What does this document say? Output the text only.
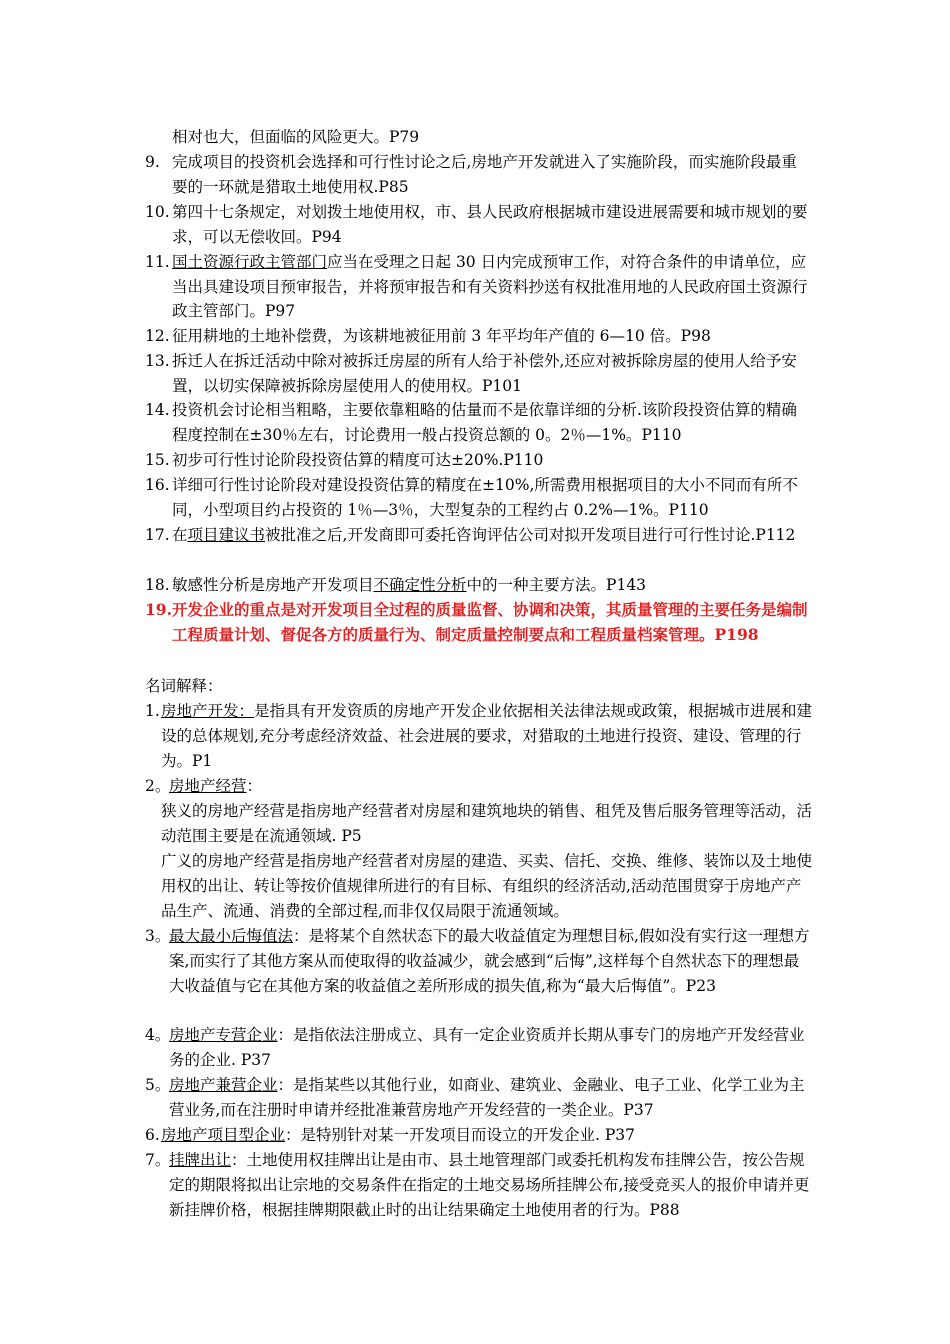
相对也大，但面临的风险更大。P79
9. 完成项目的投资机会选择和可行性讨论之后,房地产开发就进入了实施阶段，而实施阶段最重要的一环就是猎取土地使用权.P85
10. 第四十七条规定，对划拨土地使用权，市、县人民政府根据城市建设进展需要和城市规划的要求，可以无偿收回。P94
11. 国土资源行政主管部门应当在受理之日起 30 日内完成预审工作，对符合条件的申请单位，应当出具建设项目预审报告，并将预审报告和有关资料抄送有权批准用地的人民政府国土资源行政主管部门。P97
12. 征用耕地的土地补偿费，为该耕地被征用前 3 年平均年产值的 6—10 倍。P98
13. 拆迁人在拆迁活动中除对被拆迁房屋的所有人给于补偿外,还应对被拆除房屋的使用人给予安置，以切实保障被拆除房屋使用人的使用权。P101
14. 投资机会讨论相当粗略，主要依靠粗略的估量而不是依靠详细的分析.该阶段投资估算的精确程度控制在±30％左右，讨论费用一般占投资总额的 0。2％—1%。P110
15. 初步可行性讨论阶段投资估算的精度可达±20%.P110
16. 详细可行性讨论阶段对建设投资估算的精度在±10%,所需费用根据项目的大小不同而有所不同，小型项目约占投资的 1％—3％，大型复杂的工程约占 0.2%—1%。P110
17. 在项目建议书被批准之后,开发商即可委托咨询评估公司对拟开发项目进行可行性讨论.P112
18. 敏感性分析是房地产开发项目不确定性分析中的一种主要方法。P143
19. 开发企业的重点是对开发项目全过程的质量监督、协调和决策，其质量管理的主要任务是编制工程质量计划、督促各方的质量行为、制定质量控制要点和工程质量档案管理。P198
名词解释：
1. 房地产开发：是指具有开发资质的房地产开发企业依据相关法律法规或政策，根据城市进展和建设的总体规划,充分考虑经济效益、社会进展的要求，对猎取的土地进行投资、建设、管理的行为。P1
2。
房地产经营：
狭义的房地产经营是指房地产经营者对房屋和建筑地块的销售、租凭及售后服务管理等活动，活动范围主要是在流通领域. P5
广义的房地产经营是指房地产经营者对房屋的建造、买卖、信托、交换、维修、装饰以及土地使用权的出让、转让等按价值规律所进行的有目标、有组织的经济活动,活动范围贯穿于房地产产品生产、流通、消费的全部过程,而非仅仅局限于流通领域。
3。
最大最小后悔值法：是将某个自然状态下的最大收益值定为理想目标,假如没有实行这一理想方案,而实行了其他方案从而使取得的收益减少，就会感到“后悔”,这样每个自然状态下的理想最大收益值与它在其他方案的收益值之差所形成的损失值,称为“最大后悔值”。P23
4。
房地产专营企业：是指依法注册成立、具有一定企业资质并长期从事专门的房地产开发经营业务的企业. P37
5。
房地产兼营企业：是指某些以其他行业，如商业、建筑业、金融业、电子工业、化学工业为主营业务,而在注册时申请并经批准兼营房地产开发经营的一类企业。P37
6. 房地产项目型企业：是特别针对某一开发项目而设立的开发企业. P37
7。
挂牌出让：土地使用权挂牌出让是由市、县土地管理部门或委托机构发布挂牌公告，按公告规定的期限将拟出让宗地的交易条件在指定的土地交易场所挂牌公布,接受竞买人的报价申请并更新挂牌价格，根据挂牌期限截止时的出让结果确定土地使用者的行为。P88
